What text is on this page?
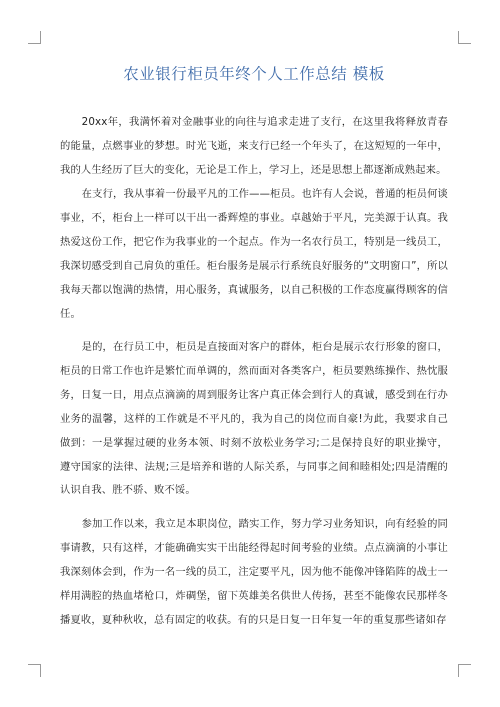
农业银行柜员年终个人工作总结 模板

20xx年，我满怀着对金融事业的向往与追求走进了支行，在这里我将释放青春的能量，点燃事业的梦想。时光飞逝，来支行已经一个年头了，在这短短的一年中，我的人生经历了巨大的变化，无论是工作上，学习上，还是思想上都逐渐成熟起来。

在支行，我从事着一份最平凡的工作——柜员。也许有人会说，普通的柜员何谈事业，不，柜台上一样可以干出一番辉煌的事业。卓越始于平凡，完美源于认真。我热爱这份工作，把它作为我事业的一个起点。作为一名农行员工，特别是一线员工，我深切感受到自己肩负的重任。柜台服务是展示行系统良好服务的“文明窗口”，所以我每天都以饱满的热情，用心服务，真诚服务，以自己积极的工作态度赢得顾客的信任。

是的，在行员工中，柜员是直接面对客户的群体，柜台是展示农行形象的窗口，柜员的日常工作也许是繁忙而单调的，然而面对各类客户，柜员要熟练操作、热忱服务，日复一日，用点点滴滴的周到服务让客户真正体会到行人的真诚，感受到在行办业务的温馨，这样的工作就是不平凡的，我为自己的岗位而自豪!为此，我要求自己做到：一是掌握过硬的业务本领、时刻不放松业务学习;二是保持良好的职业操守，遵守国家的法律、法规;三是培养和谐的人际关系，与同事之间和睦相处;四是清醒的认识自我、胜不骄、败不馁。

参加工作以来，我立足本职岗位，踏实工作，努力学习业务知识，向有经验的同事请教，只有这样，才能确确实实干出能经得起时间考验的业绩。点点滴滴的小事让我深刻体会到，作为一名一线的员工，注定要平凡，因为他不能像冲锋陷阵的战士一样用满腔的热血堵枪口，炸碉堡，留下英雄美名供世人传扬，甚至不能像农民那样冬播夏收，夏种秋收，总有固定的收获。有的只是日复一日年复一年的重复那些诸如存
